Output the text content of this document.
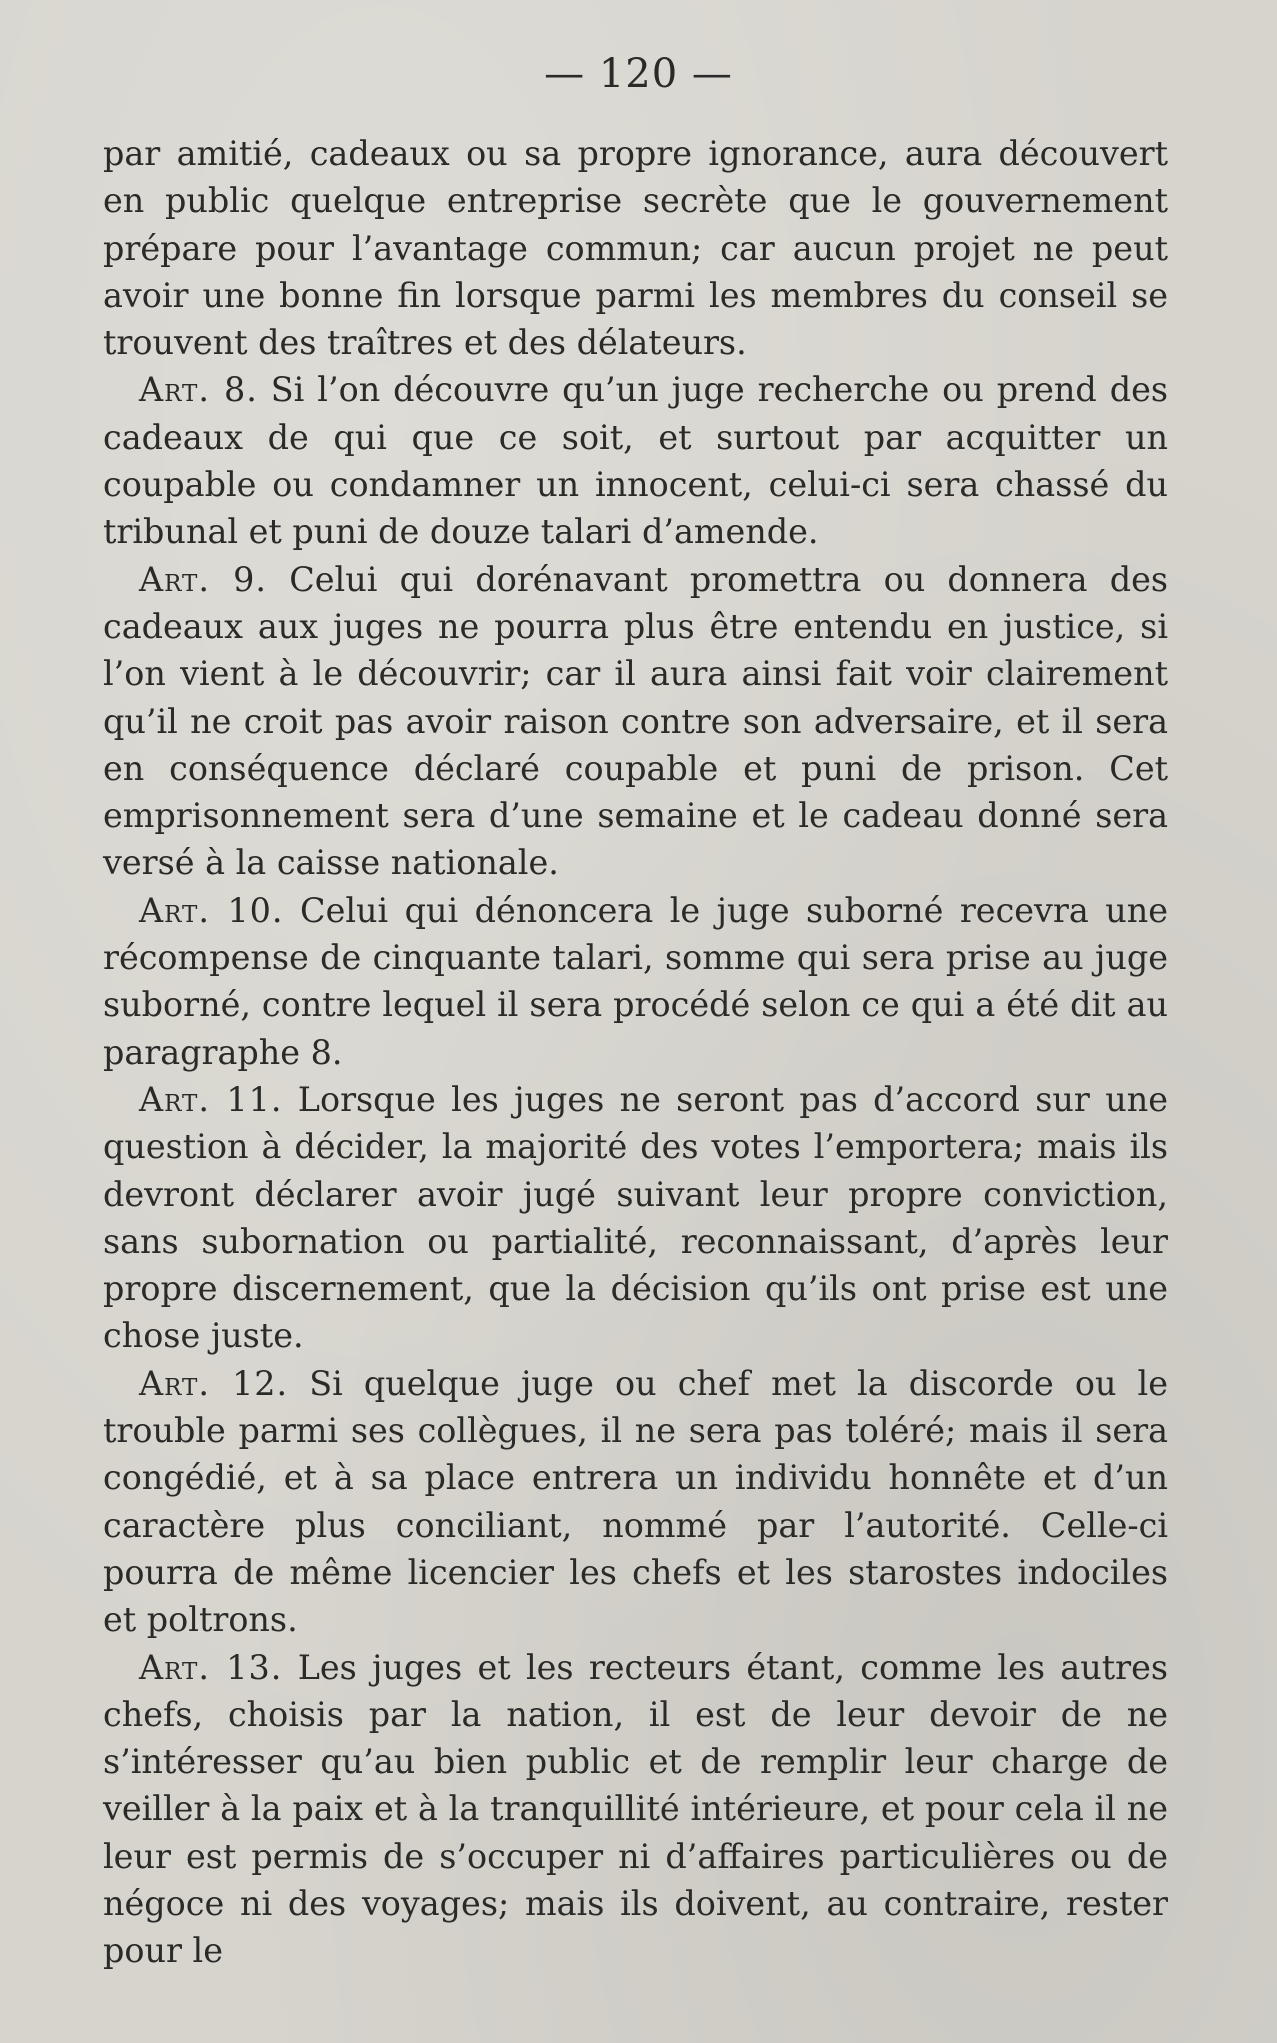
— 120 —

par amitié, cadeaux ou sa propre ignorance, aura découvert en public quelque entreprise secrète que le gouvernement prépare pour l’avantage commun; car aucun projet ne peut avoir une bonne fin lorsque parmi les membres du conseil se trouvent des traîtres et des délateurs.

Art. 8. Si l’on découvre qu’un juge recherche ou prend des cadeaux de qui que ce soit, et surtout par acquitter un coupable ou condamner un innocent, celui-ci sera chassé du tribunal et puni de douze talari d’amende.

Art. 9. Celui qui dorénavant promettra ou donnera des cadeaux aux juges ne pourra plus être entendu en justice, si l’on vient à le découvrir; car il aura ainsi fait voir clairement qu’il ne croit pas avoir raison contre son adversaire, et il sera en conséquence déclaré coupable et puni de prison. Cet emprisonnement sera d’une semaine et le cadeau donné sera versé à la caisse nationale.

Art. 10. Celui qui dénoncera le juge suborné recevra une récompense de cinquante talari, somme qui sera prise au juge suborné, contre lequel il sera procédé selon ce qui a été dit au paragraphe 8.

Art. 11. Lorsque les juges ne seront pas d’accord sur une question à décider, la majorité des votes l’emportera; mais ils devront déclarer avoir jugé suivant leur propre conviction, sans subornation ou partialité, reconnaissant, d’après leur propre discernement, que la décision qu’ils ont prise est une chose juste.

Art. 12. Si quelque juge ou chef met la discorde ou le trouble parmi ses collègues, il ne sera pas toléré; mais il sera congédié, et à sa place entrera un individu honnête et d’un caractère plus conciliant, nommé par l’autorité. Celle-ci pourra de même licencier les chefs et les starostes indociles et poltrons.

Art. 13. Les juges et les recteurs étant, comme les autres chefs, choisis par la nation, il est de leur devoir de ne s’intéresser qu’au bien public et de remplir leur charge de veiller à la paix et à la tranquillité intérieure, et pour cela il ne leur est permis de s’occuper ni d’affaires particulières ou de négoce ni des voyages; mais ils doivent, au contraire, rester pour le
